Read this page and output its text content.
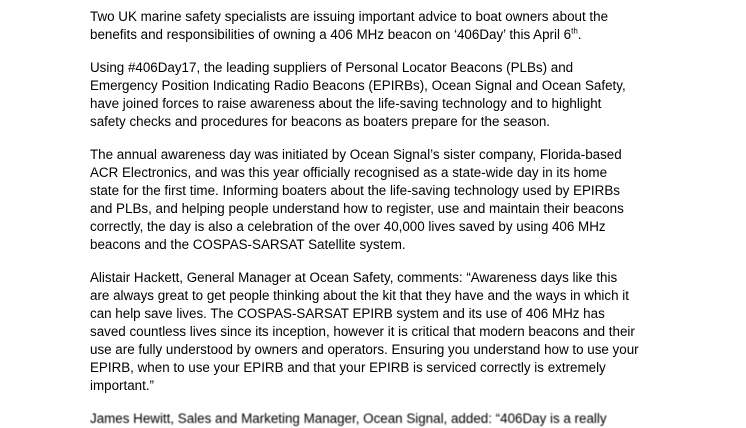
Two UK marine safety specialists are issuing important advice to boat owners about the
benefits and responsibilities of owning a 406 MHz beacon on ‘406Day’ this April 6th.

Using #406Day17, the leading suppliers of Personal Locator Beacons (PLBs) and
Emergency Position Indicating Radio Beacons (EPIRBs), Ocean Signal and Ocean Safety,
have joined forces to raise awareness about the life-saving technology and to highlight
safety checks and procedures for beacons as boaters prepare for the season.

The annual awareness day was initiated by Ocean Signal’s sister company, Florida-based
ACR Electronics, and was this year officially recognised as a state-wide day in its home
state for the first time. Informing boaters about the life-saving technology used by EPIRBs
and PLBs, and helping people understand how to register, use and maintain their beacons
correctly, the day is also a celebration of the over 40,000 lives saved by using 406 MHz
beacons and the COSPAS-SARSAT Satellite system.

Alistair Hackett, General Manager at Ocean Safety, comments: “Awareness days like this
are always great to get people thinking about the kit that they have and the ways in which it
can help save lives. The COSPAS-SARSAT EPIRB system and its use of 406 MHz has
saved countless lives since its inception, however it is critical that modern beacons and their
use are fully understood by owners and operators. Ensuring you understand how to use your
EPIRB, when to use your EPIRB and that your EPIRB is serviced correctly is extremely
important.”

James Hewitt, Sales and Marketing Manager, Ocean Signal, added: “406Day is a really
